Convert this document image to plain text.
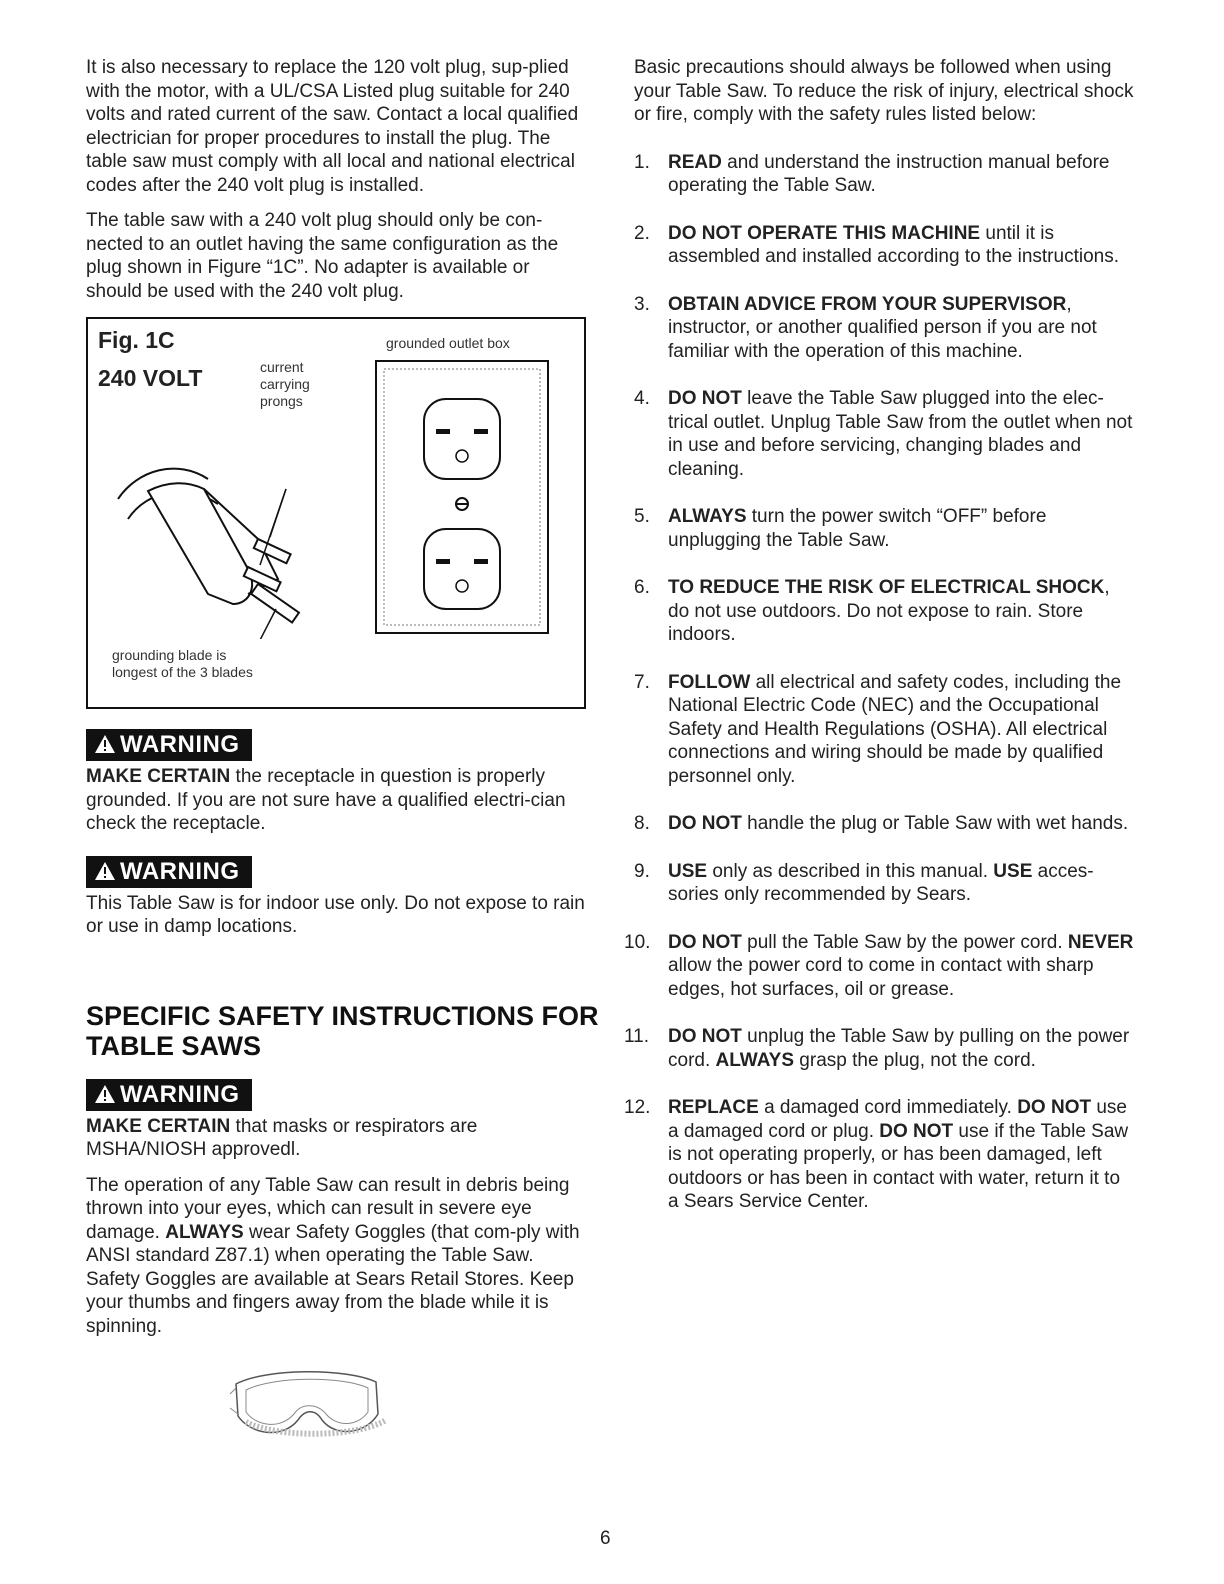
It is also necessary to replace the 120 volt plug, sup-plied with the motor, with a UL/CSA Listed plug suitable for 240 volts and rated current of the saw. Contact a local qualified electrician for proper procedures to install the plug. The table saw must comply with all local and national electrical codes after the 240 volt plug is installed.

The table saw with a 240 volt plug should only be con-nected to an outlet having the same configuration as the plug shown in Figure “1C”. No adapter is available or should be used with the 240 volt plug.

Fig. 1C
240 VOLT	current carrying prongs
grounded outlet box
grounding blade is longest of the 3 blades
WARNING

MAKE CERTAIN the receptacle in question is properly grounded. If you are not sure have a qualified electri-cian check the receptacle.

WARNING

This Table Saw is for indoor use only. Do not expose to rain or use in damp locations.

SPECIFIC SAFETY INSTRUCTIONS FOR TABLE SAWS
WARNING

MAKE CERTAIN that masks or respirators are MSHA/NIOSH approvedl.

The operation of any Table Saw can result in debris being thrown into your eyes, which can result in severe eye damage. ALWAYS wear Safety Goggles (that com-ply with ANSI standard Z87.1) when operating the Table Saw. Safety Goggles are available at Sears Retail Stores. Keep your thumbs and fingers away from the blade while it is spinning.

Basic precautions should always be followed when using your Table Saw. To reduce the risk of injury, electrical shock or fire, comply with the safety rules listed below:

1. READ and understand the instruction manual before operating the Table Saw.
2. DO NOT OPERATE THIS MACHINE until it is assembled and installed according to the instructions.
3. OBTAIN ADVICE FROM YOUR SUPERVISOR, instructor, or another qualified person if you are not familiar with the operation of this machine.
4. DO NOT leave the Table Saw plugged into the elec-trical outlet. Unplug Table Saw from the outlet when not in use and before servicing, changing blades and cleaning.
5. ALWAYS turn the power switch “OFF” before unplugging the Table Saw.
6. TO REDUCE THE RISK OF ELECTRICAL SHOCK, do not use outdoors. Do not expose to rain. Store indoors.
7. FOLLOW all electrical and safety codes, including the National Electric Code (NEC) and the Occupational Safety and Health Regulations (OSHA). All electrical connections and wiring should be made by qualified personnel only.
8. DO NOT handle the plug or Table Saw with wet hands.
9. USE only as described in this manual. USE acces-sories only recommended by Sears.
10. DO NOT pull the Table Saw by the power cord. NEVER allow the power cord to come in contact with sharp edges, hot surfaces, oil or grease.
11. DO NOT unplug the Table Saw by pulling on the power cord. ALWAYS grasp the plug, not the cord.
12. REPLACE a damaged cord immediately. DO NOT use a damaged cord or plug. DO NOT use if the Table Saw is not operating properly, or has been damaged, left outdoors or has been in contact with water, return it to a Sears Service Center.
6
